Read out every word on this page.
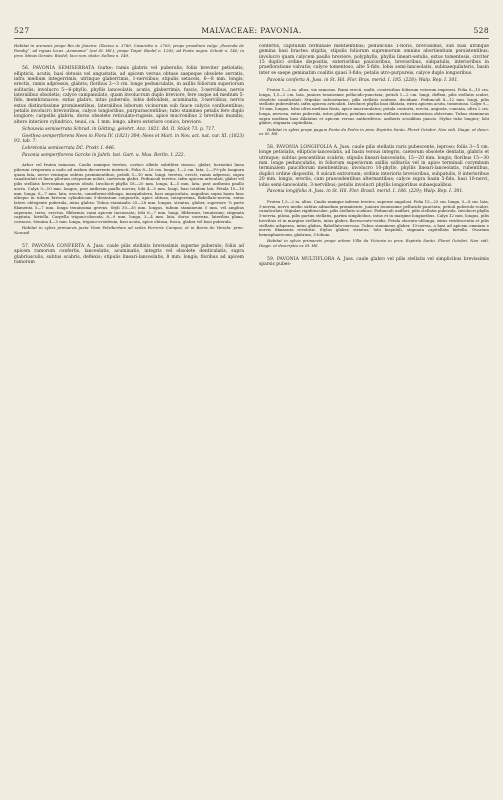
527	MALVACEAE: PAVONIA.	528

Habitat in arenosis prope Rio de Janeiro: Glaziou n. 3780, Casaretto n. 2760; prope praedium vulgo „Fazenda de Paraby“, ad riguas locus „Aramame“ (est St. Hil.); prope Toipé: Riedel n. 1282; ad Ponte negra: Schott n. 140; in prov. Minas Geraës: Riedel; loco non citato: Sellow n. 149.

56. PAVONIA SEMISERRATA Gurke: ramis glabris vel puberulis; foliis breviter petiolatis, ellipticis, acutis, basi obtusis vel angustatis, ad apicem versus obtuse saepeque obsolete serratis, infra medium integerrimis, utrinque glaberrimis, 1-nerviibus; stipulis setaceis, 6—8 mm. longis, erectis, ramis adpressis, glabris; floribus 2—3 cm. longe pedunculatis, in axillis foliorum superiorum solitariis; involucro 5—6-phyllo, phyllis lanceolatis, acutis, glaberrimis, fuscis, 3-nerviibus, nervis lateralibus obsoletis; calyce campanulato, quam involucrum duplo breviore, fere usque ad medium 5-fido, membranaceo, extus glabro, intus puberulo, lobis deltoideis, acuminatis, 3-nerviibus, nervis extus distinctissime prominentibus, lateralibus loborum vicinorum sub fauce calycis confluentibus; petalis involucro brevioribus, calyce longioribus, purpurascentibus; tubo stamineo petalis fere duplo longiore; carpellis glabris, dorso obsolete reticulato-rugosis, apice mucronibus 2 brevibus munitis, altero interiore cylindrico, teuui, ca. 1 mm. longo, altero exteriore conico, breviore.

Schouwia semiserrata Schrad. in Götting. gelehrt. Anz. 1821. Bd. II. Stück 73. p. 717.

Goethea semperflorens Nees in Flora IV. (1821) 304; Nees et Mart. in Nov. act. nat. cur. XI. (1823) 93. tab. 7.

Lebretonia semiserrata DC. Prodr. I. 446.

Pavonia semperflorens Garcke in Jahrb. bot. Gart. u. Mus. Berlin. I. 222.

Arbor vel frutex ramosus. Caulis ramique teretes, cortice albido subtiliter rimoso, glabri; hornotini linea pilorum crisporum a nodo ad nodum decurrente instructi. Folia 8—16 cm. longa, 1—2 cm. lata, 2—3½-plo longiora quam lata, nervo venisque subtus prominentibus; petioli 5—10 mm. longi, teretes, erecti, ramis adpressi, supra canaliculati et linea pilorum crisporum noloti, caeterum glabri. Pedunculi teretes, infra apicem articulati, glabri vel pilis stellatis brevissimis sparsis obsiti. Involucri phylla 18—20 mm. longa, 4—5 mm. lata, post anthesin paullo aucta. Calyx 9—10 mm. longus, post anthesin paullo auctus; lobi 4—5 mm. longi, basi totidem lati. Petala 15—16 mm. longa, 6—7 mm. lata, erecta, cuneiformi-oblonga, inaequilatera, basi unguiculata, unguibus supra basin hinc alteque in tubum brevem cylindricum 5-dentatum conjunctis, apice obtusa, integerrima, flabellato-nervia, extus latere obtegente puberula, intus glabra. Tubus staminalis 25—28 mm. longus, striatus, glaber, superiore ¾ parte filamenta 5—7 mm. longa tenuissima gerens. Styli 30—35 mm. longus, tubum stamineum 5 mm. vel amplius superans, teres, erectus, filiformis; rami apicem incrassata; lobi 6—7 mm. longi, filiformes, tenuissimi; stigmata capitata, hirtella. Carpella trigono-obovata, 8—9 mm. longa, 3—4 mm. lata, dorso convexa, lateribus plana, coriacea. Semina 4—5 mm. longa, trigono-ovoideum, basi acuta, apice obtusa, fusca, glabra vel basi puberula.

Habitat in sylvis primaevis juxta Viam Felsibertam ad sedes Ferrerie Campos, et in Barra do Vareda: prim. Neuwid.

57. PAVONIA CONFERTA A. Juss. caule pilis stellatis brevissimis superne puberulo; foliis ad apicem ramorum confertis, lanceolatis, acuminatis, integris vel obsolete denticulatis, supra glabriusculis, subtus scabris, deflexis; stipulis lineari-lanceolatis, 8 mm. longis; floribus ad apicem ramorum

confertis, capitulum terminale mentientibus; pedunculis 1-floris, brevissimis, sub basi utrinque gemina basi bractea stipitis, stipulis foliorum supremorum omnino abortientium persistentibus; involucro quam calycem paullo breviore, polyphyllo, phyllis lineari-setulis, extus tomentosis, circiter 15 duplici ordine dispositis, exterioribus paucioribus, brevioribus, subpatulis, interioribus in praefloratione valvatis; calyce tomentoso, alte 5-fido, lobis semi-lanceolatis, subinaequilateris, basin inter se saepe geminatim coalitis quasi 3-fido; petalis atro-purpureis, calyce duplo longioribus.

Pavonia conferta A. Juss. in St. Hil. Flor. Bras. merid. I. 185. (228); Walp. Rep. I. 301.

Frutex 1—2 m. altus, vix ramosus. Rami erecti, multi, cicatricibus foliorum veterum impressi. Folia 8—15 cm. longa, 1,5—2 cm. lata, juniora tenuissime pellucido-punctata; petioli 1—2 cm. longi, deflexi, pilis stellatis scabri, obsolete canaliculati. Stipulae subcarinatae, pilis stellatis scabrae, deciduae. Pedunculi 8—12 mm. longi, pilis stellatis puberulenti, infra apicem articulati. Involucri phylla basi dilatata, extra apicem acuta, tomentosa. Calyx 9—10 mm. longus, lobis ultra medium fissis, apice mucronulatus; petala contorta, erecta, angusta, cuneata, ultra 2 cm. longa, nervosa, extus puberula, intus glabra; petalum unicum stellatis extus tomentosa obtectum. Tubus stamineus supra medium basi dilatatus et apicem versus antheriferus, antheris sessilibus paucis. Stylus tubo longior; lobi glabri; stigmata capitellata.

Habitat in sylvis prope pagum Ponta da Pedra in prov. Espirito Santo. Floret Octobri. Non vidi. Diagn. et descr. ex St. Hil.

58. PAVONIA LONGIFOLIA A. Juss. caule pilis stellatis raris pubescente, leproso; foliis 3—5 cm. longe petiolatis, ellipticis-lanceolatis, ad basin versus integris, caeterum obsolete dentatis, glabris et utrinque; subtus pescentibus scabris; stipulis lineari-lanceolatis, 15—20 mm. longis; floribus 15—30 mm. longe pedunculatis, in foliorum superiorum axillis solitariis vel in apice terminali corymbum terminalem pauciflorum mentientibus; involucro 10-phyllo, phyllis lineari-lanceolatis, rubentibus, duplici ordine dispositis, 8 sulcati extrorsum; ordinis interioris brevioribus, subpatulis, 8 interioribus 20 mm. longis, erectis, cum praecedentibus alternantibus; calyce supra basin 5-fido, basi 10-nervi, lobis semi-lanceolatis, 3-nerviibus; petalis involucri phyllis longioribus subaequalibus.

Pavonia longifolia A. Juss. in St. Hil. Flor. Brasil. merid. I. 186. (229); Walp. Rep. I. 301.

Frutex 1,5—2 m. altus. Caulis ramique inferne teretes, superne angulosi. Folia 15—25 cm. longa, 5—8 cm. lata, 3-nervia, nervo medio subtus admodum prominente, juniora tenuissime pellucido-punctata; petioli puberulo-scabri, canaliculati. Stipulae rigidiusculae, pilis stellatis scabrae. Pedunculi uniflori, pilis stellatis puberula. Involucri phylla 5-nervia, pilosa, pilis partim stellatis, partim simplicibus, intus et in margine longioribus. Calyx 12 mm. longus, pilis brevibus et in margine stellatis, intus glaber, flavescente-viridis. Petala obovato-oblonga, extus viridescentia et pilis stellatis adspersa, intus glabra, flabellato-nervosa. Tubus stamineus glaber, 10-nervia, a basi ad apicem omnium e nervis filamenta revolutis. Stylus glaber, striatus; lobi hispiduli, stigmata capitellata hirtella. Ovarium hemisphaericum, glabrum, 5-lobum.

Habitat in sylvis primaevis prope urbem Villa da Victoria in prov. Espirito Santo. Floret Octobri. Non vidi. Diagn. et descriptio ex St. Hil.

59. PAVONIA MULTIFLORA A. Juss. caule glabro vel pilis stellatis vel simplicibus brevissimis sparsis pubes-
